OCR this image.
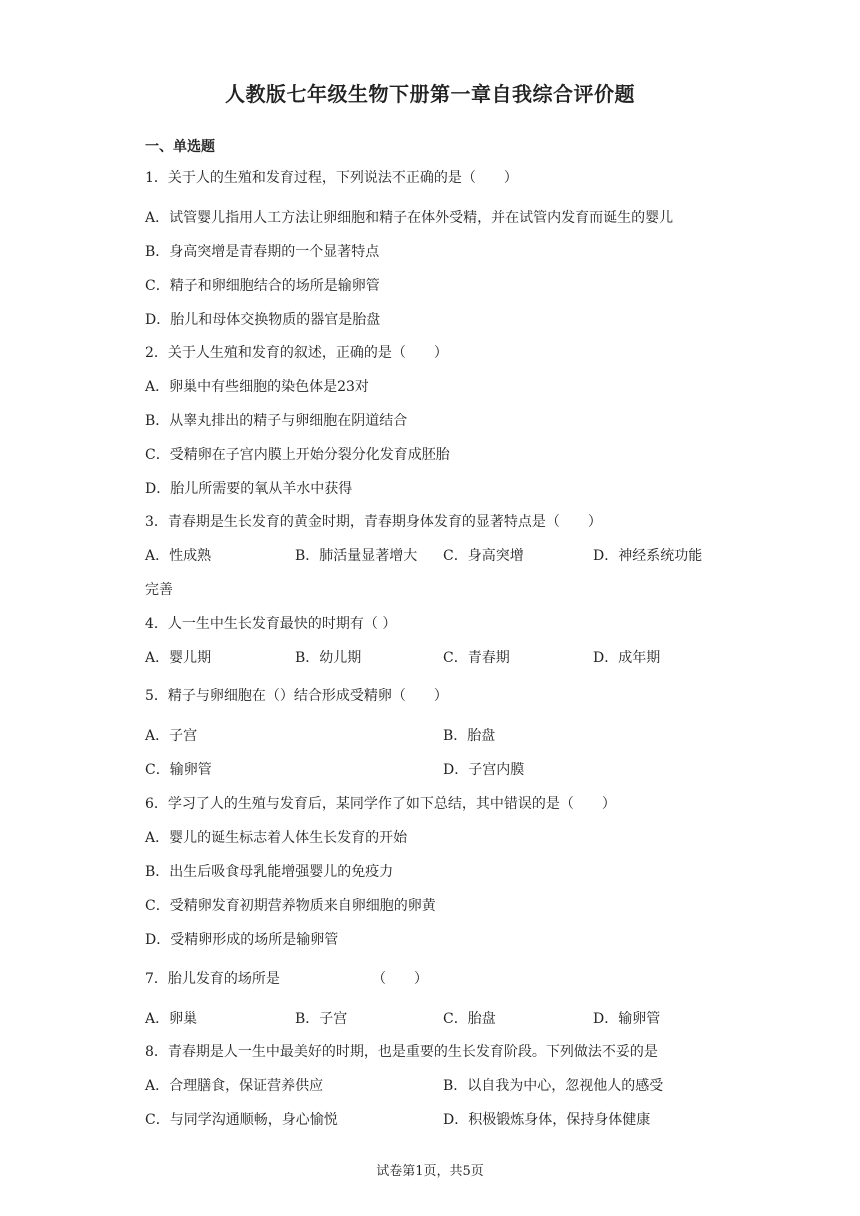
人教版七年级生物下册第一章自我综合评价题
一、单选题
1．关于人的生殖和发育过程，下列说法不正确的是（　　）
A．试管婴儿指用人工方法让卵细胞和精子在体外受精，并在试管内发育而诞生的婴儿
B．身高突增是青春期的一个显著特点
C．精子和卵细胞结合的场所是输卵管
D．胎儿和母体交换物质的器官是胎盘
2．关于人生殖和发育的叙述，正确的是（　　）
A．卵巢中有些细胞的染色体是23对
B．从睾丸排出的精子与卵细胞在阴道结合
C．受精卵在子宫内膜上开始分裂分化发育成胚胎
D．胎儿所需要的氧从羊水中获得
3．青春期是生长发育的黄金时期，青春期身体发育的显著特点是（　　）
A．性成熟	B．肺活量显著增大 C．身高突增	D．神经系统功能
完善
4．人一生中生长发育最快的时期有（ ）
A．婴儿期	B．幼儿期	C．青春期	D．成年期
5．精子与卵细胞在（）结合形成受精卵（　　）
A．子宫	B．胎盘
C．输卵管	D．子宫内膜
6．学习了人的生殖与发育后，某同学作了如下总结，其中错误的是（　　）
A．婴儿的诞生标志着人体生长发育的开始
B．出生后吸食母乳能增强婴儿的免疫力
C．受精卵发育初期营养物质来自卵细胞的卵黄
D．受精卵形成的场所是输卵管
7．胎儿发育的场所是	（　　）
A．卵巢	B．子宫	C．胎盘	D．输卵管
8．青春期是人一生中最美好的时期，也是重要的生长发育阶段。下列做法不妥的是
A．合理膳食，保证营养供应	B．以自我为中心，忽视他人的感受
C．与同学沟通顺畅，身心愉悦	D．积极锻炼身体，保持身体健康
试卷第1页，共5页
